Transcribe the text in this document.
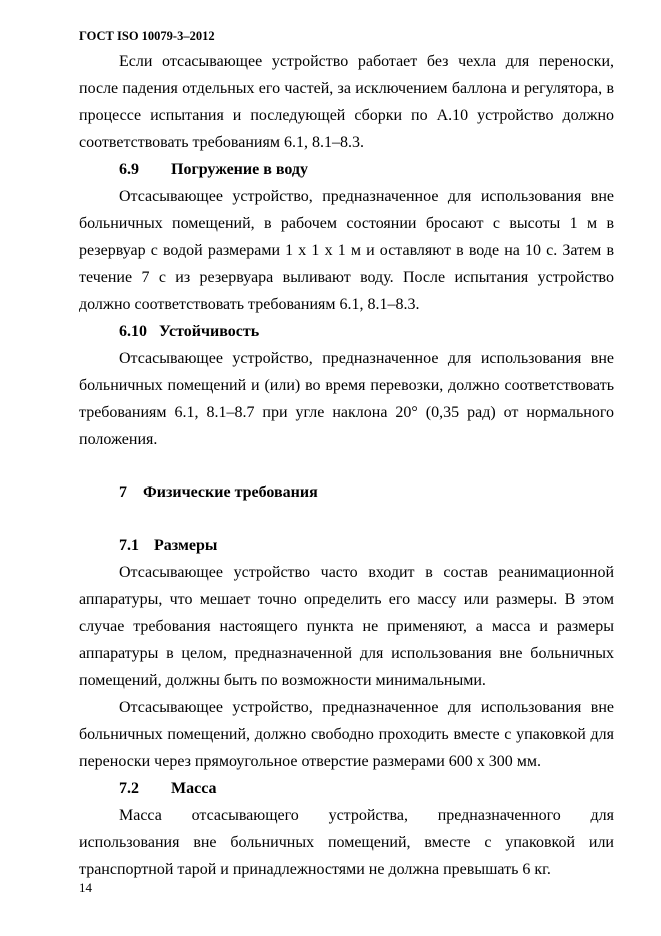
ГОСТ ISO 10079-3–2012

Если отсасывающее устройство работает без чехла для переноски, после падения отдельных его частей, за исключением баллона и регулятора, в процессе испытания и последующей сборки по А.10 устройство должно соответствовать требованиям 6.1, 8.1–8.3.

6.9 Погружение в воду

Отсасывающее устройство, предназначенное для использования вне больничных помещений, в рабочем состоянии бросают с высоты 1 м в резервуар с водой размерами 1 х 1 х 1 м и оставляют в воде на 10 с. Затем в течение 7 с из резервуара выливают воду. После испытания устройство должно соответствовать требованиям 6.1, 8.1–8.3.

6.10 Устойчивость

Отсасывающее устройство, предназначенное для использования вне больничных помещений и (или) во время перевозки, должно соответствовать требованиям 6.1, 8.1–8.7 при угле наклона 20° (0,35 рад) от нормального положения.

7 Физические требования
7.1 Размеры

Отсасывающее устройство часто входит в состав реанимационной аппаратуры, что мешает точно определить его массу или размеры. В этом случае требования настоящего пункта не применяют, а масса и размеры аппаратуры в целом, предназначенной для использования вне больничных помещений, должны быть по возможности минимальными.

Отсасывающее устройство, предназначенное для использования вне больничных помещений, должно свободно проходить вместе с упаковкой для переноски через прямоугольное отверстие размерами 600 х 300 мм.

7.2 Масса

Масса отсасывающего устройства, предназначенного для использования вне больничных помещений, вместе с упаковкой или транспортной тарой и принадлежностями не должна превышать 6 кг.

14
